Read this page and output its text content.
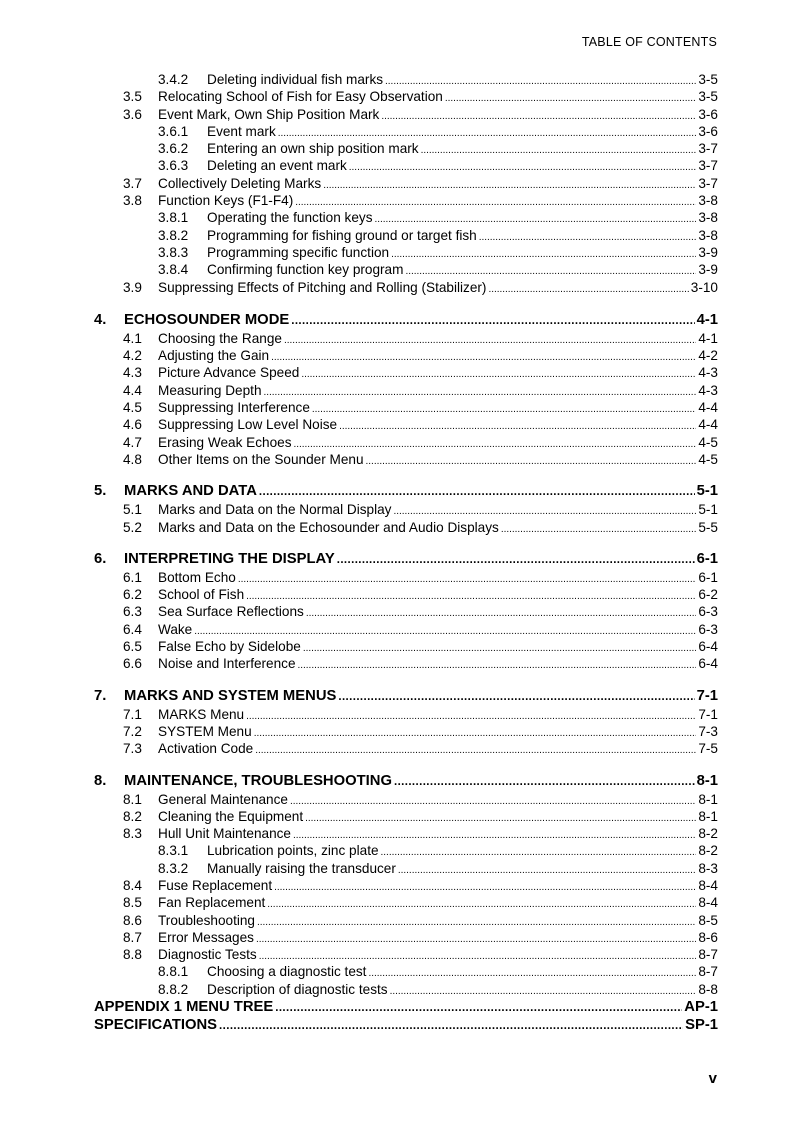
TABLE OF CONTENTS
3.4.2	Deleting individual fish marks . . .	3-5
3.5	Relocating School of Fish for Easy Observation . . .	3-5
3.6	Event Mark, Own Ship Position Mark . . .	3-6
3.6.1	Event mark . . .	3-6
3.6.2	Entering an own ship position mark . . .	3-7
3.6.3	Deleting an event mark . . .	3-7
3.7	Collectively Deleting Marks . . .	3-7
3.8	Function Keys (F1-F4) . . .	3-8
3.8.1	Operating the function keys . . .	3-8
3.8.2	Programming for fishing ground or target fish . . .	3-8
3.8.3	Programming specific function . . .	3-9
3.8.4	Confirming function key program . . .	3-9
3.9	Suppressing Effects of Pitching and Rolling (Stabilizer) . . .	3-10
4.	ECHOSOUNDER MODE . . .	4-1
4.1	Choosing the Range . . .	4-1
4.2	Adjusting the Gain . . .	4-2
4.3	Picture Advance Speed . . .	4-3
4.4	Measuring Depth . . .	4-3
4.5	Suppressing Interference . . .	4-4
4.6	Suppressing Low Level Noise . . .	4-4
4.7	Erasing Weak Echoes . . .	4-5
4.8	Other Items on the Sounder Menu . . .	4-5
5.	MARKS AND DATA . . .	5-1
5.1	Marks and Data on the Normal Display . . .	5-1
5.2	Marks and Data on the Echosounder and Audio Displays . . .	5-5
6.	INTERPRETING THE DISPLAY . . .	6-1
6.1	Bottom Echo . . .	6-1
6.2	School of Fish . . .	6-2
6.3	Sea Surface Reflections . . .	6-3
6.4	Wake . . .	6-3
6.5	False Echo by Sidelobe . . .	6-4
6.6	Noise and Interference . . .	6-4
7.	MARKS AND SYSTEM MENUS . . .	7-1
7.1	MARKS Menu . . .	7-1
7.2	SYSTEM Menu . . .	7-3
7.3	Activation Code . . .	7-5
8.	MAINTENANCE, TROUBLESHOOTING . . .	8-1
8.1	General Maintenance . . .	8-1
8.2	Cleaning the Equipment . . .	8-1
8.3	Hull Unit Maintenance . . .	8-2
8.3.1	Lubrication points, zinc plate . . .	8-2
8.3.2	Manually raising the transducer . . .	8-3
8.4	Fuse Replacement . . .	8-4
8.5	Fan Replacement . . .	8-4
8.6	Troubleshooting . . .	8-5
8.7	Error Messages . . .	8-6
8.8	Diagnostic Tests . . .	8-7
8.8.1	Choosing a diagnostic test . . .	8-7
8.8.2	Description of diagnostic tests . . .	8-8
APPENDIX 1 MENU TREE . . .	AP-1
SPECIFICATIONS . . .	SP-1
v
